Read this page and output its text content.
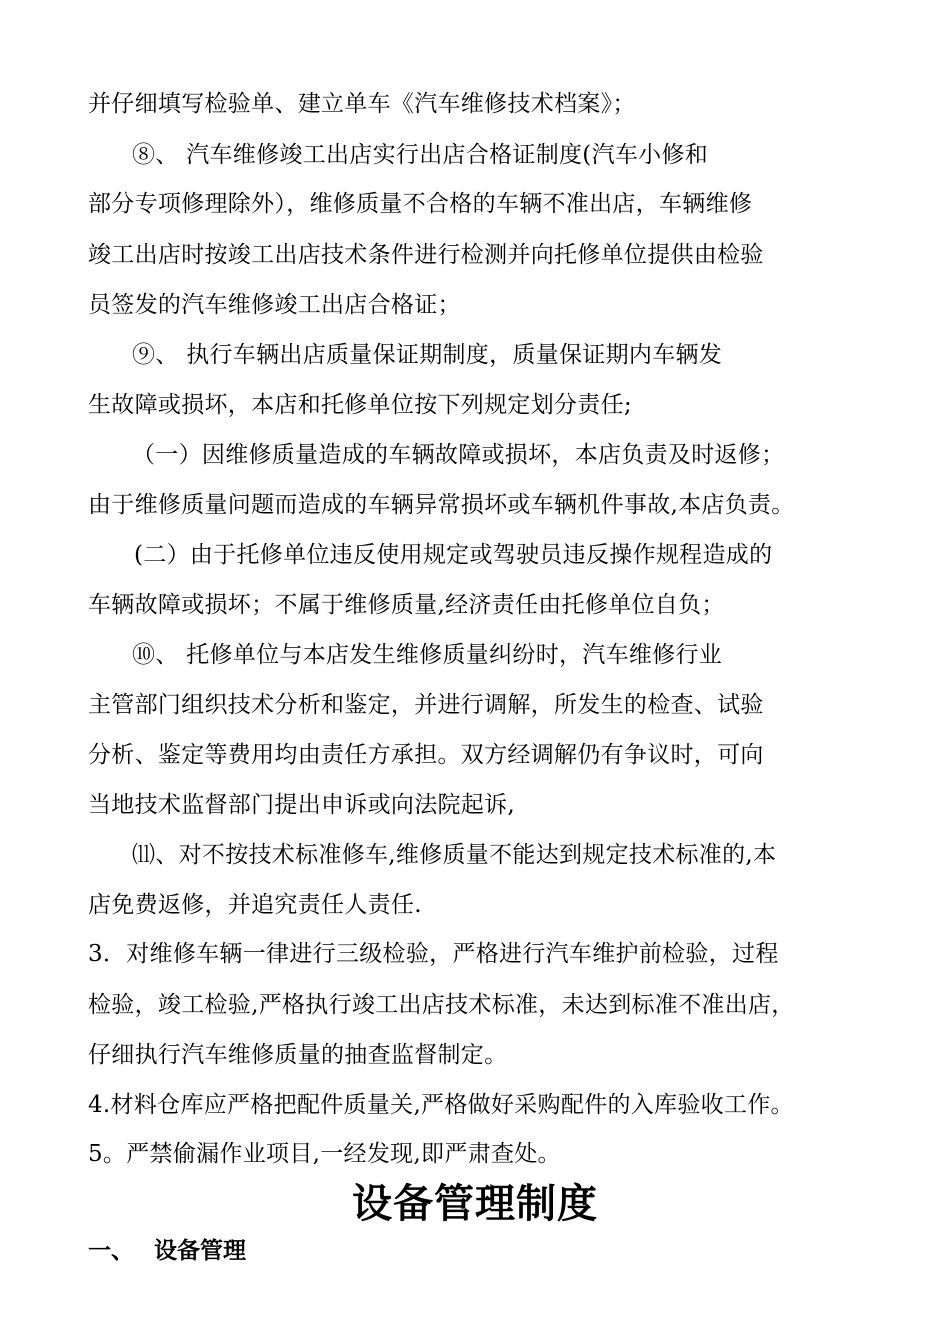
并仔细填写检验单、建立单车《汽车维修技术档案》；
⑧、 汽车维修竣工出店实行出店合格证制度(汽车小修和
部分专项修理除外），维修质量不合格的车辆不准出店，车辆维修
竣工出店时按竣工出店技术条件进行检测并向托修单位提供由检验
员签发的汽车维修竣工出店合格证；
⑨、 执行车辆出店质量保证期制度，质量保证期内车辆发
生故障或损坏，本店和托修单位按下列规定划分责任;
（一）因维修质量造成的车辆故障或损坏，本店负责及时返修；
由于维修质量问题而造成的车辆异常损坏或车辆机件事故,本店负责。
(二）由于托修单位违反使用规定或驾驶员违反操作规程造成的
车辆故障或损坏；不属于维修质量,经济责任由托修单位自负；
⑩、 托修单位与本店发生维修质量纠纷时，汽车维修行业
主管部门组织技术分析和鉴定，并进行调解，所发生的检查、试验
分析、鉴定等费用均由责任方承担。双方经调解仍有争议时，可向
当地技术监督部门提出申诉或向法院起诉,
⑾、对不按技术标准修车,维修质量不能达到规定技术标准的,本
店免费返修，并追究责任人责任.
3．对维修车辆一律进行三级检验，严格进行汽车维护前检验，过程
检验，竣工检验,严格执行竣工出店技术标准，未达到标准不准出店，
仔细执行汽车维修质量的抽查监督制定。
4.材料仓库应严格把配件质量关,严格做好采购配件的入库验收工作。
5。严禁偷漏作业项目,一经发现,即严肃查处。
设备管理制度
一、 设备管理
